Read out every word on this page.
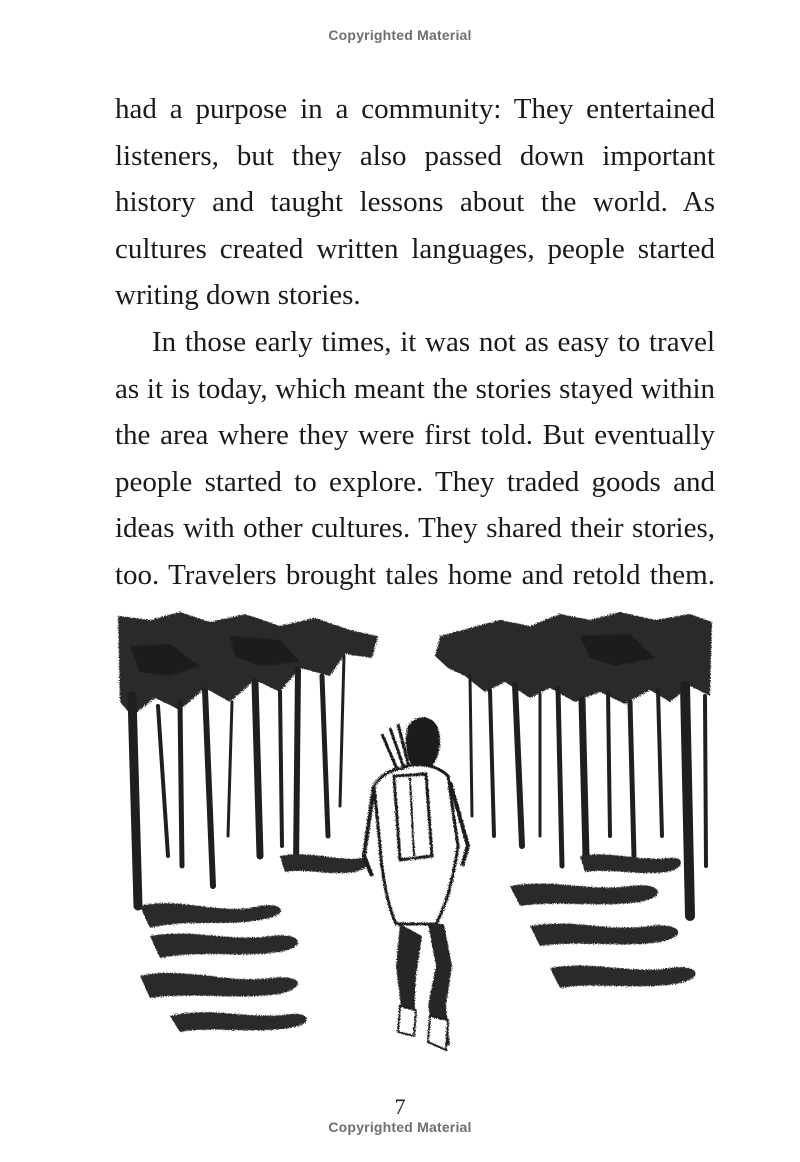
Copyrighted Material
had a purpose in a community: They entertained
listeners, but they also passed down important
history and taught lessons about the world. As
cultures created written languages, people started
writing down stories.
In those early times, it was not as easy to travel
as it is today, which meant the stories stayed within
the area where they were first told. But eventually
people started to explore. They traded goods and
ideas with other cultures. They shared their stories,
too. Travelers brought tales home and retold them.
7
Copyrighted Material
